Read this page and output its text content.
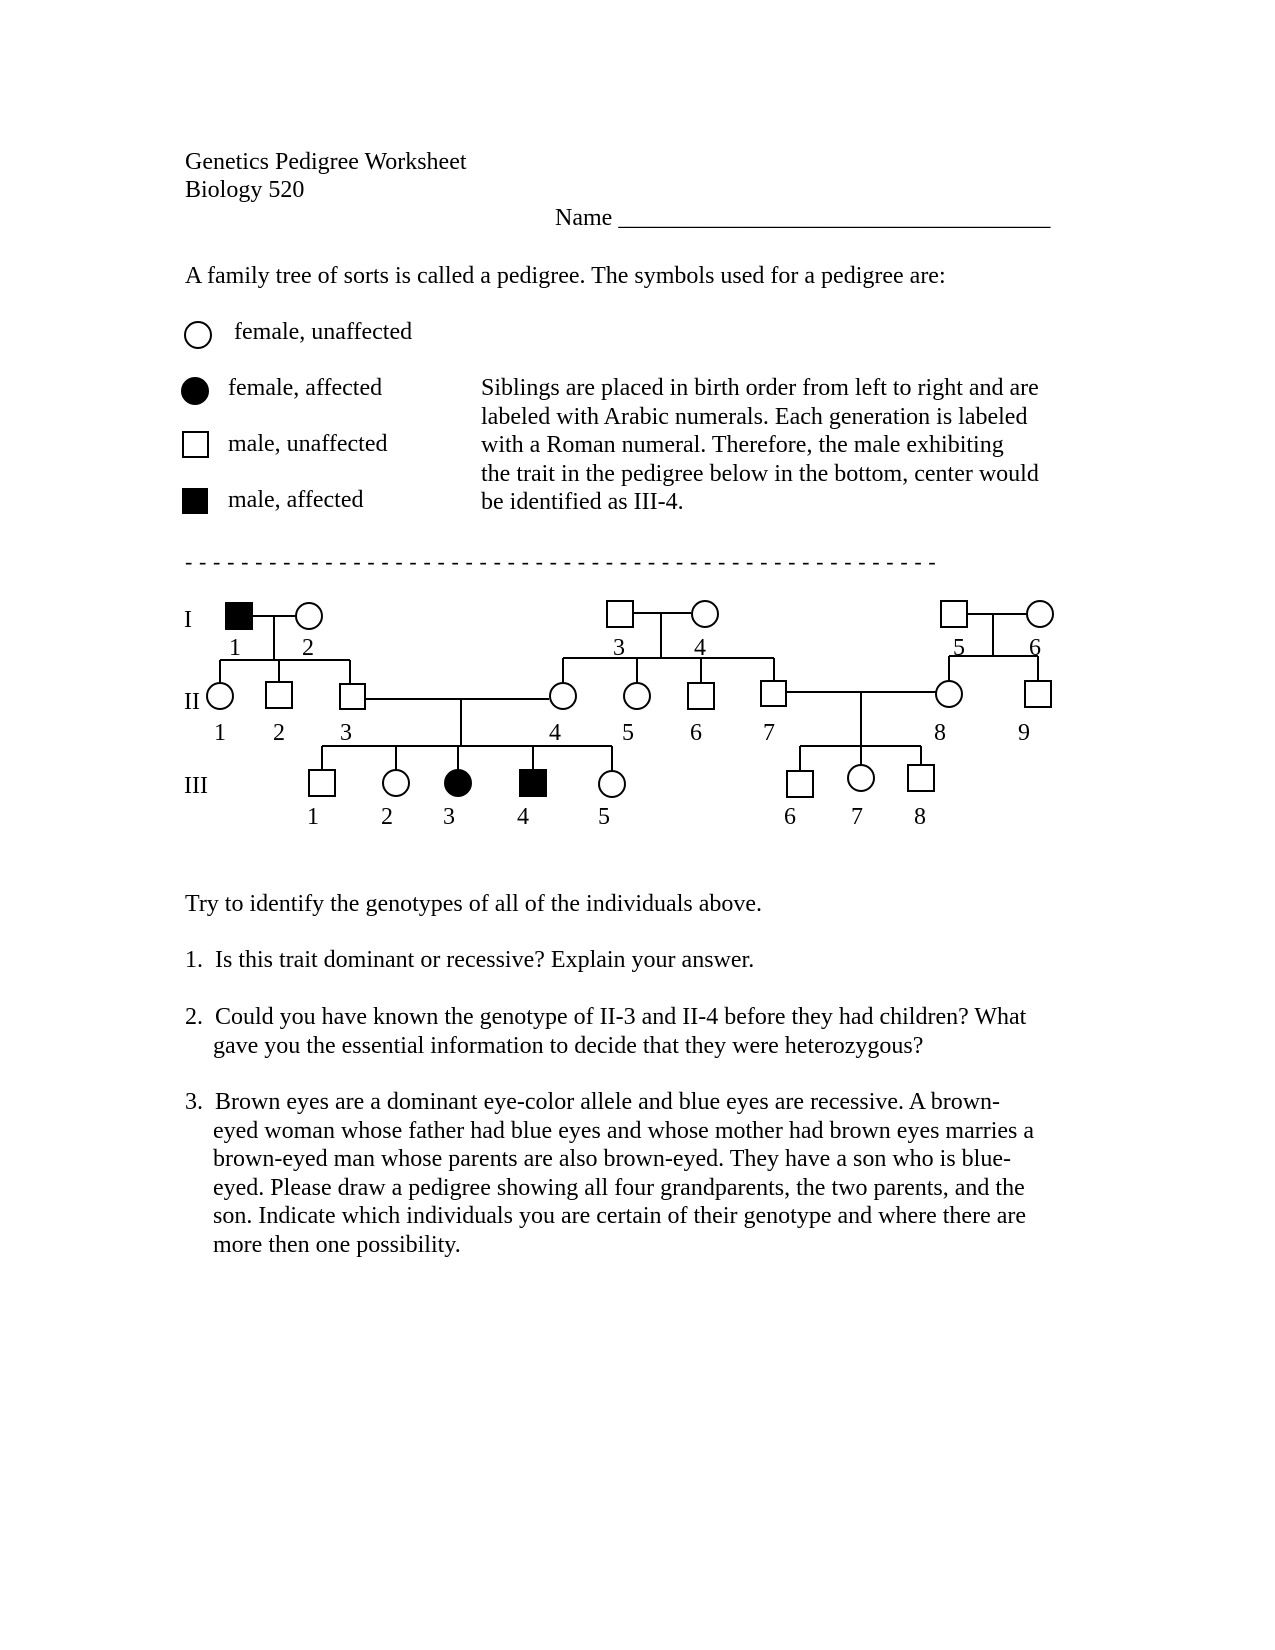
Genetics Pedigree Worksheet
Biology 520
Name ____________________________________
A family tree of sorts is called a pedigree. The symbols used for a pedigree are:
female, unaffected
female, affected
male, unaffected
male, affected
Siblings are placed in birth order from left to right and are
labeled with Arabic numerals. Each generation is labeled
with a Roman numeral. Therefore, the male exhibiting
the trait in the pedigree below in the bottom, center would
be identified as III-4.
- - - - - - - - - - - - - - - - - - - - - - - - - - - - - - - - - - - - - - - - - - - - - - - - - - - - - -
I
II
III
1	2	3	4	5	6
1 2 3	4	5 6	7	8	9
1	2 3	4	5	6 7 8
Try to identify the genotypes of all of the individuals above.
1. Is this trait dominant or recessive? Explain your answer.
2. Could you have known the genotype of II-3 and II-4 before they had children? What
gave you the essential information to decide that they were heterozygous?
3. Brown eyes are a dominant eye-color allele and blue eyes are recessive. A brown-
eyed woman whose father had blue eyes and whose mother had brown eyes marries a
brown-eyed man whose parents are also brown-eyed. They have a son who is blue-
eyed. Please draw a pedigree showing all four grandparents, the two parents, and the
son. Indicate which individuals you are certain of their genotype and where there are
more then one possibility.
